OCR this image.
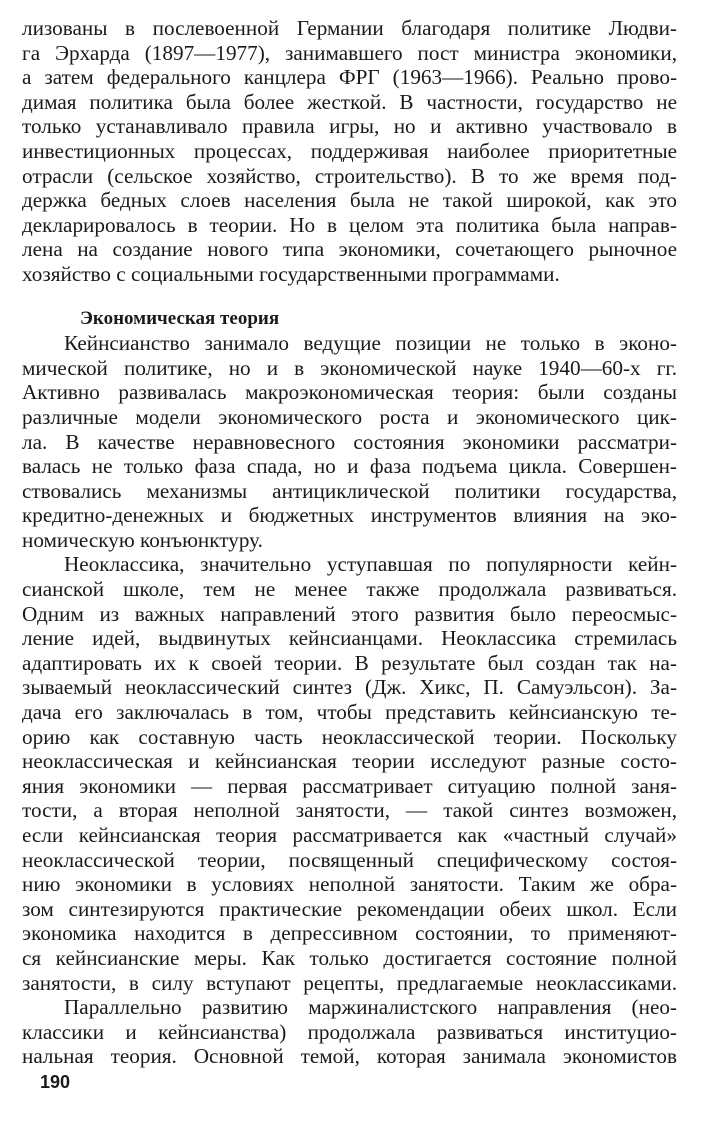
лизованы в послевоенной Германии благодаря политике Людви-
га Эрхарда (1897—1977), занимавшего пост министра экономики,
а затем федерального канцлера ФРГ (1963—1966). Реально прово-
димая политика была более жесткой. В частности, государство не
только устанавливало правила игры, но и активно участвовало в
инвестиционных процессах, поддерживая наиболее приоритетные
отрасли (сельское хозяйство, строительство). В то же время под-
держка бедных слоев населения была не такой широкой, как это
декларировалось в теории. Но в целом эта политика была направ-
лена на создание нового типа экономики, сочетающего рыночное
хозяйство с социальными государственными программами.
Экономическая теория
Кейнсианство занимало ведущие позиции не только в эконо-
мической политике, но и в экономической науке 1940—60-х гг.
Активно развивалась макроэкономическая теория: были созданы
различные модели экономического роста и экономического цик-
ла. В качестве неравновесного состояния экономики рассматри-
валась не только фаза спада, но и фаза подъема цикла. Совершен-
ствовались механизмы антициклической политики государства,
кредитно-денежных и бюджетных инструментов влияния на эко-
номическую конъюнктуру.
Неоклассика, значительно уступавшая по популярности кейн-
сианской школе, тем не менее также продолжала развиваться.
Одним из важных направлений этого развития было переосмыс-
ление идей, выдвинутых кейнсианцами. Неоклассика стремилась
адаптировать их к своей теории. В результате был создан так на-
зываемый неоклассический синтез (Дж. Хикс, П. Самуэльсон). За-
дача его заключалась в том, чтобы представить кейнсианскую те-
орию как составную часть неоклассической теории. Поскольку
неоклассическая и кейнсианская теории исследуют разные состо-
яния экономики — первая рассматривает ситуацию полной заня-
тости, а вторая неполной занятости, — такой синтез возможен,
если кейнсианская теория рассматривается как «частный случай»
неоклассической теории, посвященный специфическому состоя-
нию экономики в условиях неполной занятости. Таким же обра-
зом синтезируются практические рекомендации обеих школ. Если
экономика находится в депрессивном состоянии, то применяют-
ся кейнсианские меры. Как только достигается состояние полной
занятости, в силу вступают рецепты, предлагаемые неоклассиками.
Параллельно развитию маржиналистского направления (нео-
классики и кейнсианства) продолжала развиваться институцио-
нальная теория. Основной темой, которая занимала экономистов
190
